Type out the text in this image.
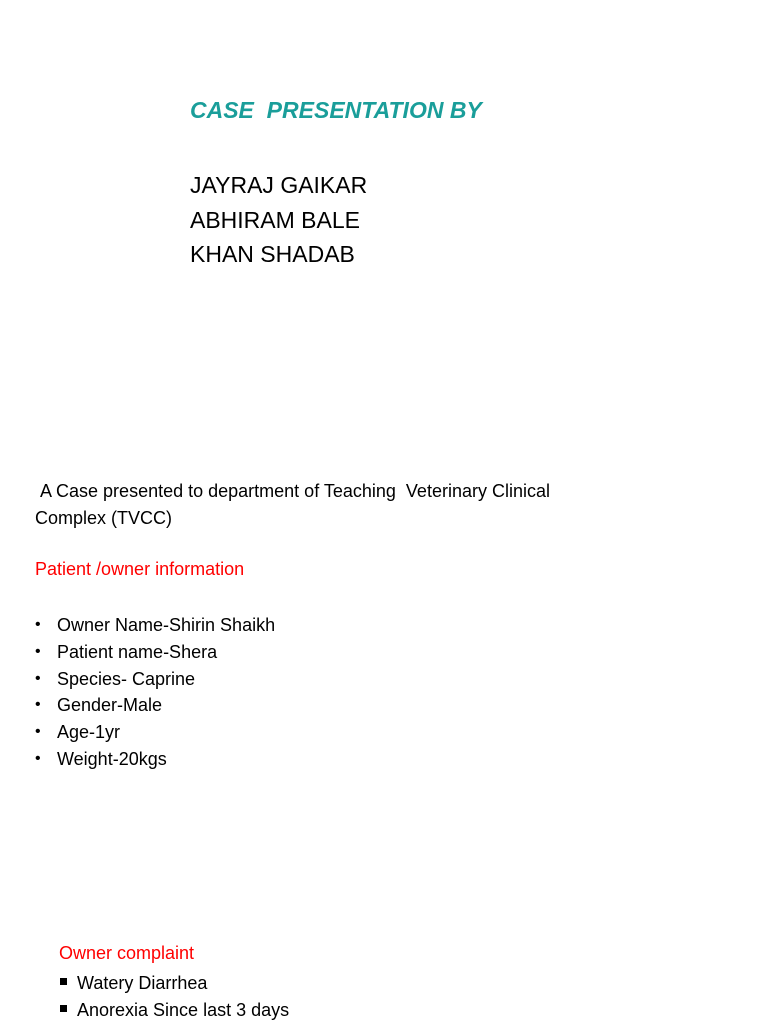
CASE  PRESENTATION BY
JAYRAJ GAIKAR
ABHIRAM BALE
KHAN SHADAB

A Case presented to department of Teaching  Veterinary Clinical
Complex (TVCC)

Patient /owner information
• Owner Name-Shirin Shaikh
• Patient name-Shera
• Species- Caprine
• Gender-Male
• Age-1yr
• Weight-20kgs
Owner complaint
Watery Diarrhea
Anorexia Since last 3 days
